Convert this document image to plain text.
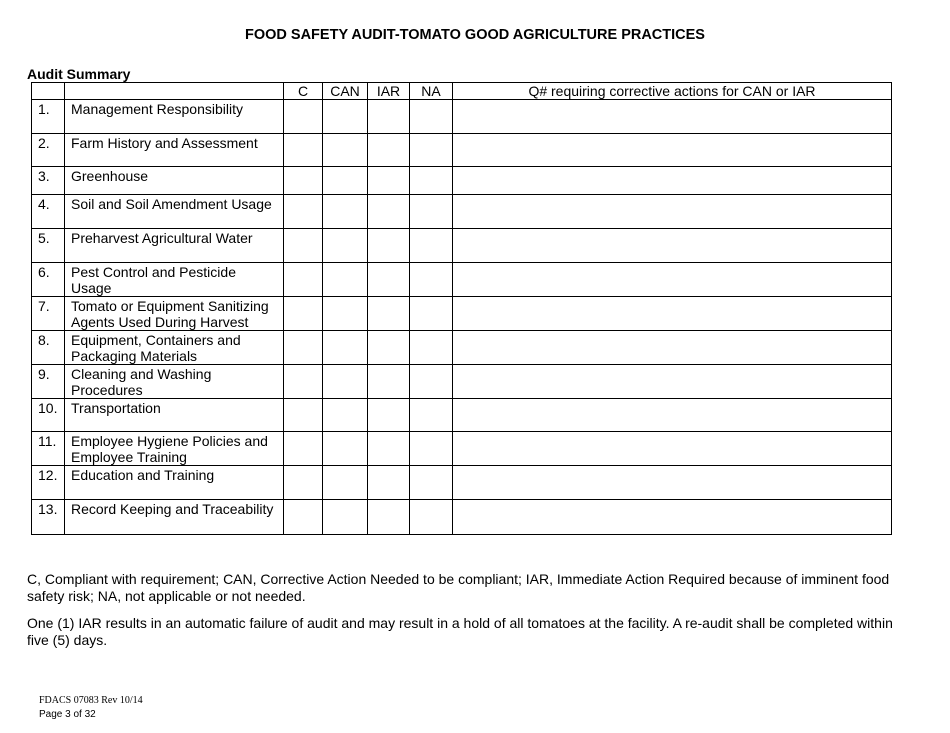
FOOD SAFETY AUDIT-TOMATO GOOD AGRICULTURE PRACTICES
Audit Summary
		C	CAN	IAR	NA	Q# requiring corrective actions for CAN or IAR
1.	Management Responsibility					
2.	Farm History and Assessment					
3.	Greenhouse					
4.	Soil and Soil Amendment Usage					
5.	Preharvest Agricultural Water					
6.	Pest Control and Pesticide Usage					
7.	Tomato or Equipment Sanitizing Agents Used During Harvest					
8.	Equipment, Containers and Packaging Materials					
9.	Cleaning and Washing Procedures					
10.	Transportation					
11.	Employee Hygiene Policies and Employee Training					
12.	Education and Training					
13.	Record Keeping and Traceability					
C, Compliant with requirement; CAN, Corrective Action Needed to be compliant; IAR, Immediate Action Required because of imminent food safety risk; NA, not applicable or not needed.
One (1) IAR results in an automatic failure of audit and may result in a hold of all tomatoes at the facility. A re-audit shall be completed within five (5) days.
FDACS 07083 Rev 10/14
Page 3 of 32
